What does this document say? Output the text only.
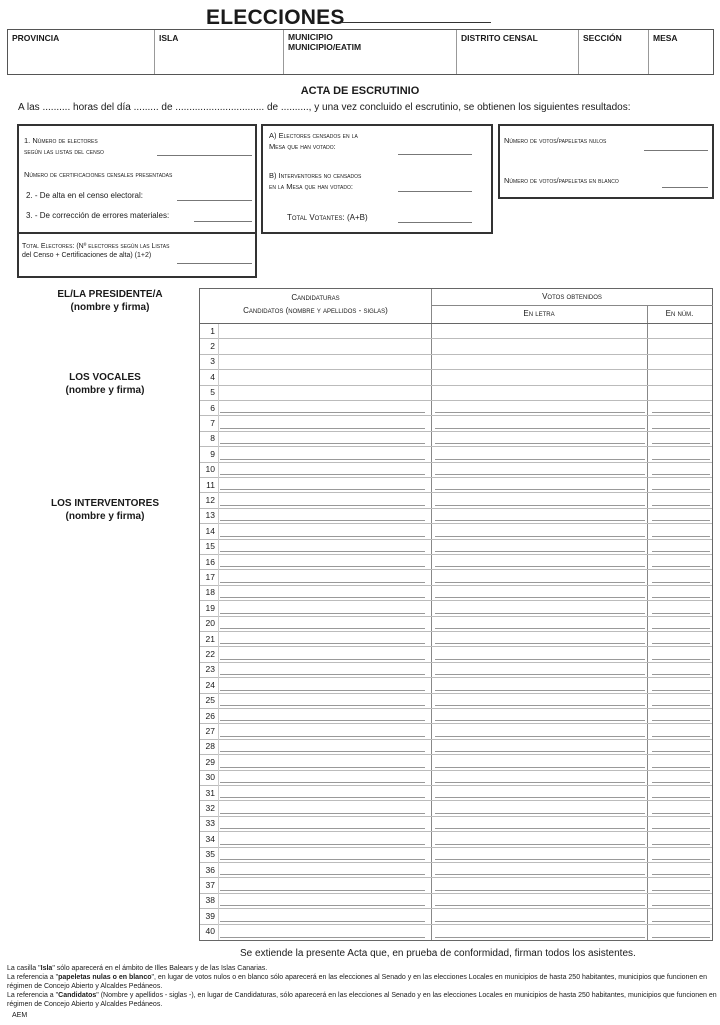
ELECCIONES
PROVINCIA	ISLA	MUNICIPIO
MUNICIPIO/EATIM
DISTRITO CENSAL	SECCIÓN	MESA
ACTA DE ESCRUTINIO
A las .......... horas del día ......... de ................................ de .........., y una vez concluido el escrutinio, se obtienen los siguientes resultados:
1. Número de electores
según las listas del censo
Número de certificaciones censales presentadas
2. - De alta en el censo electoral:
3. - De corrección de errores materiales:
Total Electores: (Nº electores según las Listas
del Censo + Certificaciones de alta) (1+2)
A) Electores censados en la
Mesa que han votado:
B) Interventores no censados
en la Mesa que han votado:
Total Votantes: (A+B)
Número de votos/papeletas nulos
Número de votos/papeletas en blanco
EL/LA PRESIDENTE/A
(nombre y firma)
LOS VOCALES
(nombre y firma)
LOS INTERVENTORES
(nombre y firma)
Candidaturas
Candidatos (nombre y apellidos - siglas)
Votos obtenidos
En letra	En núm.
1
2
3
4
5
6
7
8
9
10
11
12
13
14
15
16
17
18
19
20
21
22
23
24
25
26
27
28
29
30
31
32
33
34
35
36
37
38
39
40
Se extiende la presente Acta que, en prueba de conformidad, firman todos los asistentes.
La casilla "Isla" sólo aparecerá en el ámbito de Illes Balears y de las Islas Canarias.
La referencia a "papeletas nulas o en blanco", en lugar de votos nulos o en blanco sólo aparecerá en las elecciones al Senado y en las elecciones Locales en municipios de hasta 250 habitantes, municipios que funcionen en régimen de Concejo Abierto y Alcaldes Pedáneos.
La referencia a "Candidatos" (Nombre y apellidos - siglas -), en lugar de Candidaturas, sólo aparecerá en las elecciones al Senado y en las elecciones Locales en municipios de hasta 250 habitantes, municipios que funcionen en régimen de Concejo Abierto y Alcaldes Pedáneos.
AEM
